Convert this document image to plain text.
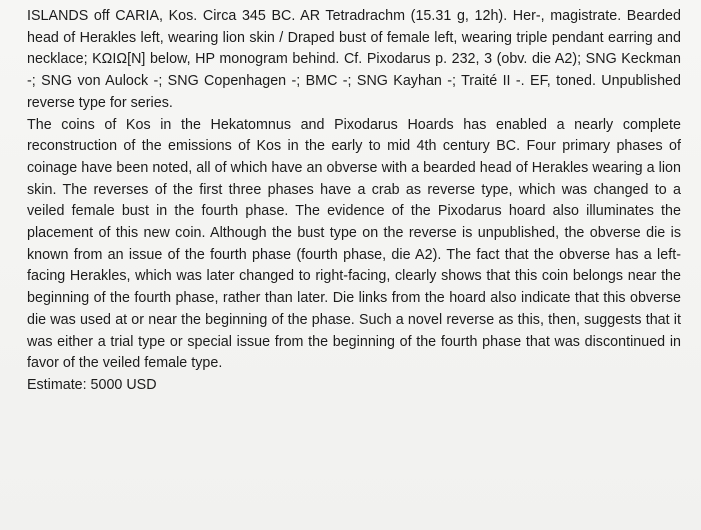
ISLANDS off CARIA, Kos. Circa 345 BC. AR Tetradrachm (15.31 g, 12h). Her-, magistrate. Bearded head of Herakles left, wearing lion skin / Draped bust of female left, wearing triple pendant earring and necklace; ΚΩΙΩ[Ν] below, HP monogram behind. Cf. Pixodarus p. 232, 3 (obv. die A2); SNG Keckman -; SNG von Aulock -; SNG Copenhagen -; BMC -; SNG Kayhan -; Traité II -. EF, toned. Unpublished reverse type for series.

The coins of Kos in the Hekatomnus and Pixodarus Hoards has enabled a nearly complete reconstruction of the emissions of Kos in the early to mid 4th century BC. Four primary phases of coinage have been noted, all of which have an obverse with a bearded head of Herakles wearing a lion skin. The reverses of the first three phases have a crab as reverse type, which was changed to a veiled female bust in the fourth phase. The evidence of the Pixodarus hoard also illuminates the placement of this new coin. Although the bust type on the reverse is unpublished, the obverse die is known from an issue of the fourth phase (fourth phase, die A2). The fact that the obverse has a left-facing Herakles, which was later changed to right-facing, clearly shows that this coin belongs near the beginning of the fourth phase, rather than later. Die links from the hoard also indicate that this obverse die was used at or near the beginning of the phase. Such a novel reverse as this, then, suggests that it was either a trial type or special issue from the beginning of the fourth phase that was discontinued in favor of the veiled female type.

Estimate: 5000 USD
